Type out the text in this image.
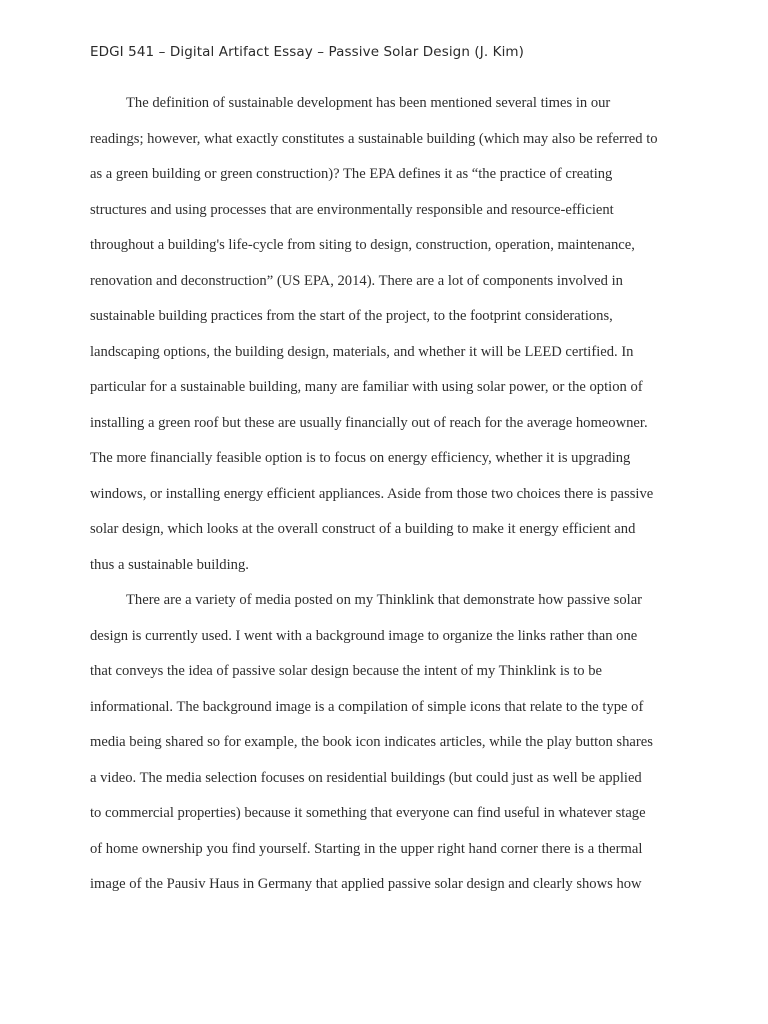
EDGI 541 – Digital Artifact Essay – Passive Solar Design (J. Kim)
The definition of sustainable development has been mentioned several times in our
readings; however, what exactly constitutes a sustainable building (which may also be referred to
as a green building or green construction)? The EPA defines it as “the practice of creating
structures and using processes that are environmentally responsible and resource-efficient
throughout a building's life-cycle from siting to design, construction, operation, maintenance,
renovation and deconstruction” (US EPA, 2014). There are a lot of components involved in
sustainable building practices from the start of the project, to the footprint considerations,
landscaping options, the building design, materials, and whether it will be LEED certified. In
particular for a sustainable building, many are familiar with using solar power, or the option of
installing a green roof but these are usually financially out of reach for the average homeowner.
The more financially feasible option is to focus on energy efficiency, whether it is upgrading
windows, or installing energy efficient appliances. Aside from those two choices there is passive
solar design, which looks at the overall construct of a building to make it energy efficient and
thus a sustainable building.
There are a variety of media posted on my Thinklink that demonstrate how passive solar
design is currently used. I went with a background image to organize the links rather than one
that conveys the idea of passive solar design because the intent of my Thinklink is to be
informational. The background image is a compilation of simple icons that relate to the type of
media being shared so for example, the book icon indicates articles, while the play button shares
a video. The media selection focuses on residential buildings (but could just as well be applied
to commercial properties) because it something that everyone can find useful in whatever stage
of home ownership you find yourself. Starting in the upper right hand corner there is a thermal
image of the Pausiv Haus in Germany that applied passive solar design and clearly shows how
